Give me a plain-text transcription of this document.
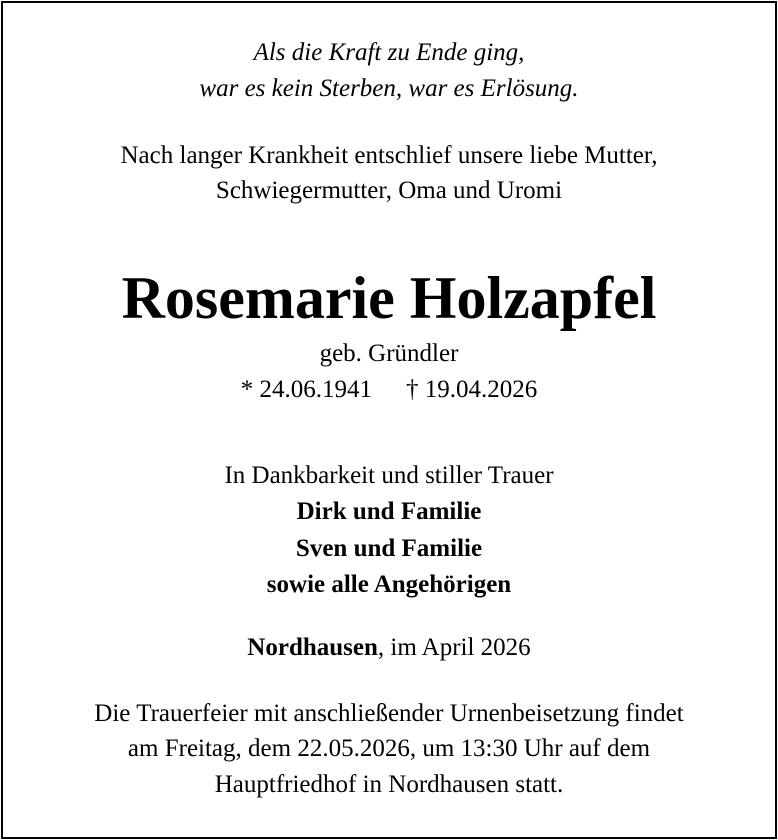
Als die Kraft zu Ende ging,
war es kein Sterben, war es Erlösung.
Nach langer Krankheit entschlief unsere liebe Mutter,
Schwiegermutter, Oma und Uromi
Rosemarie Holzapfel
geb. Gründler
* 24.06.1941 † 19.04.2026
In Dankbarkeit und stiller Trauer
Dirk und Familie
Sven und Familie
sowie alle Angehörigen
Nordhausen, im April 2026
Die Trauerfeier mit anschließender Urnenbeisetzung findet
am Freitag, dem 22.05.2026, um 13:30 Uhr auf dem
Hauptfriedhof in Nordhausen statt.
